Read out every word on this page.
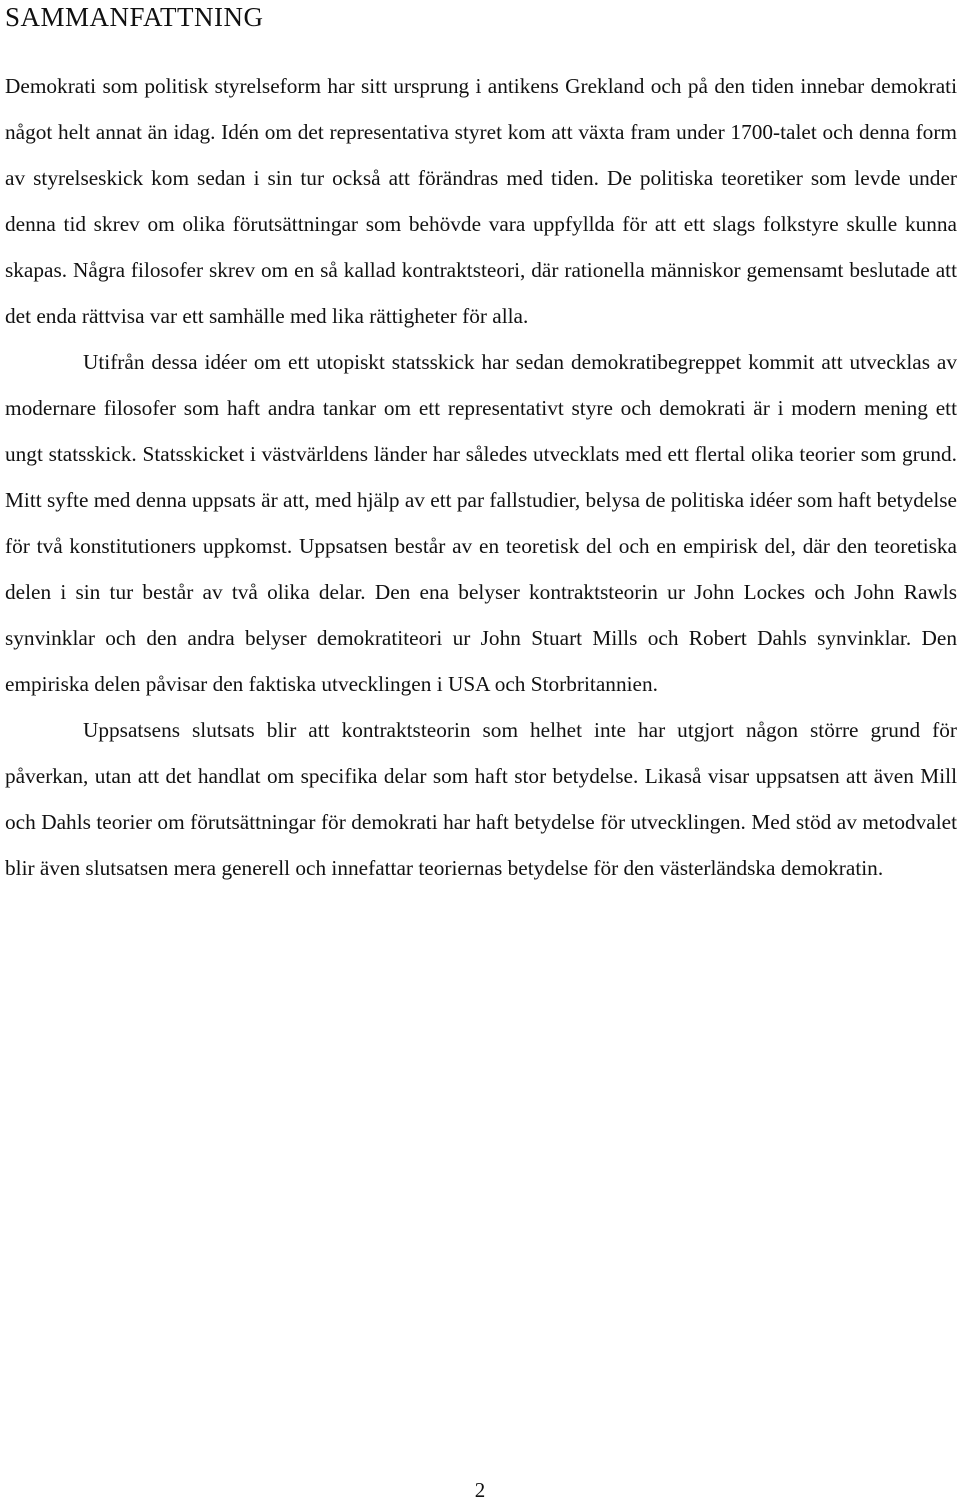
SAMMANFATTNING

Demokrati som politisk styrelseform har sitt ursprung i antikens Grekland och på den tiden innebar demokrati något helt annat än idag. Idén om det representativa styret kom att växta fram under 1700-talet och denna form av styrelseskick kom sedan i sin tur också att förändras med tiden. De politiska teoretiker som levde under denna tid skrev om olika förutsättningar som behövde vara uppfyllda för att ett slags folkstyre skulle kunna skapas. Några filosofer skrev om en så kallad kontraktsteori, där rationella människor gemensamt beslutade att det enda rättvisa var ett samhälle med lika rättigheter för alla.

Utifrån dessa idéer om ett utopiskt statsskick har sedan demokratibegreppet kommit att utvecklas av modernare filosofer som haft andra tankar om ett representativt styre och demokrati är i modern mening ett ungt statsskick. Statsskicket i västvärldens länder har således utvecklats med ett flertal olika teorier som grund. Mitt syfte med denna uppsats är att, med hjälp av ett par fallstudier, belysa de politiska idéer som haft betydelse för två konstitutioners uppkomst. Uppsatsen består av en teoretisk del och en empirisk del, där den teoretiska delen i sin tur består av två olika delar. Den ena belyser kontraktsteorin ur John Lockes och John Rawls synvinklar och den andra belyser demokratiteori ur John Stuart Mills och Robert Dahls synvinklar. Den empiriska delen påvisar den faktiska utvecklingen i USA och Storbritannien.

Uppsatsens slutsats blir att kontraktsteorin som helhet inte har utgjort någon större grund för påverkan, utan att det handlat om specifika delar som haft stor betydelse. Likaså visar uppsatsen att även Mill och Dahls teorier om förutsättningar för demokrati har haft betydelse för utvecklingen. Med stöd av metodvalet blir även slutsatsen mera generell och innefattar teoriernas betydelse för den västerländska demokratin.

2
